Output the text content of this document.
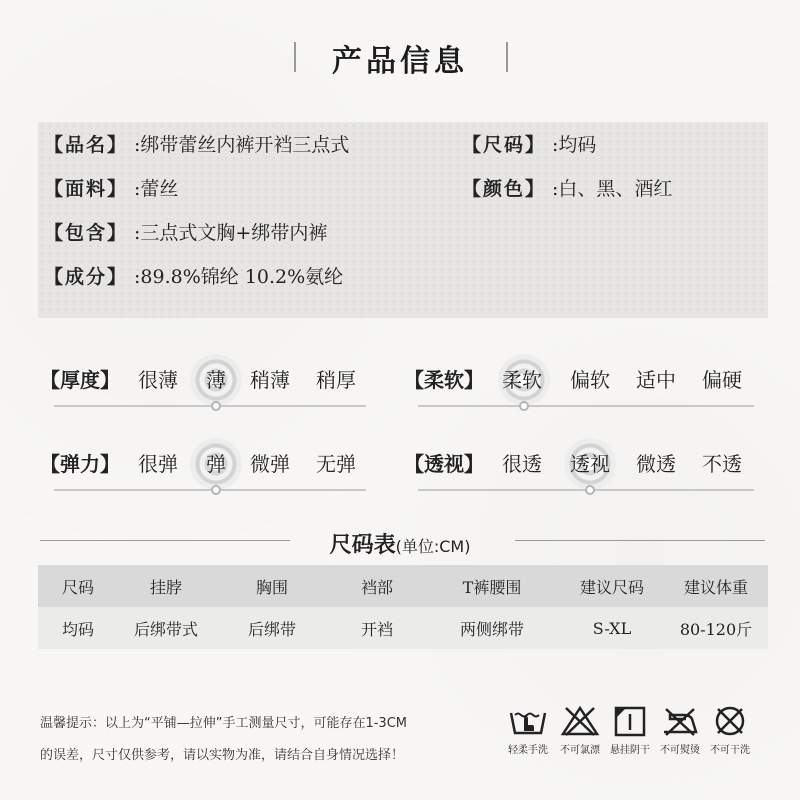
产品信息
【品名】 :绑带蕾丝内裤开裆三点式	【尺码】 :均码
【面料】 :蕾丝	【颜色】 :白、黑、酒红
【包含】 :三点式文胸+绑带内裤
【成分】 :89.8%锦纶 10.2%氨纶
【厚度】 很薄 薄 稍薄 稍厚 【柔软】 柔软 偏软 适中 偏硬
【弹力】 很弹 弹 微弹 无弹 【透视】 很透 透视 微透 不透
尺码表(单位:CM)
尺码	挂脖	胸围	裆部	T裤腰围	建议尺码	建议体重
均码	后绑带式	后绑带	开裆	两侧绑带	S-XL	80-120斤
温馨提示：以上为“平铺—拉伸”手工测量尺寸，可能存在1-3CM
的误差，尺寸仅供参考，请以实物为准，请结合自身情况选择！	轻柔手洗	不可氯漂	悬挂阴干	不可熨烫	不可干洗
